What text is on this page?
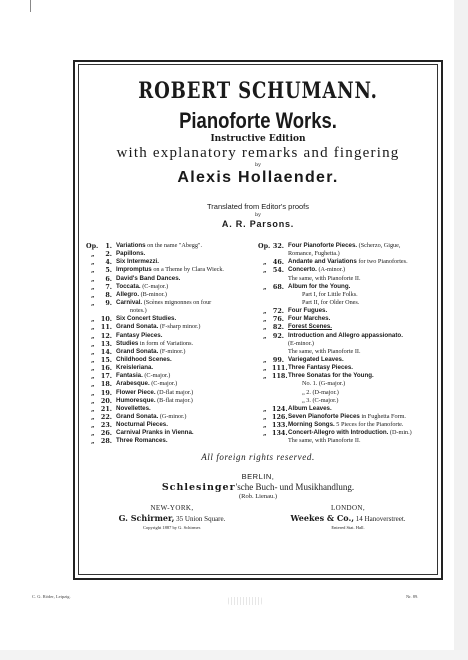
ROBERT SCHUMANN.
Pianoforte Works.
Instructive Edition
with explanatory remarks and fingering
by
Alexis Hollaender.
Translated from Editor's proofs
by
A. R. Parsons.
Op.	1. Variations on the name "Abegg".
„	2. Papillons.
„	4. Six Intermezzi.
„	5. Impromptus on a Theme by Clara Wieck.
„	6. David's Band Dances.
„	7. Toccata. (C-major.)
„	8. Allegro. (B-minor.)
„	9. Carnival. (Scènes mignonnes on four
notes.)
„ 10. Six Concert Studies.
„ 11. Grand Sonata. (F-sharp minor.)
„ 12. Fantasy Pieces.
„ 13. Studies in form of Variations.
„ 14. Grand Sonata. (F-minor.)
„ 15. Childhood Scenes.
„ 16. Kreisleriana.
„ 17. Fantasia. (C-major.)
„ 18. Arabesque. (C-major.)
„ 19. Flower Piece. (D-flat major.)
„ 20. Humoresque. (B-flat major.)
„ 21. Novellettes.
„ 22. Grand Sonata. (G-minor.)
„ 23. Nocturnal Pieces.
„ 26. Carnival Pranks in Vienna.
„ 28. Three Romances.
Op. 32. Four Pianoforte Pieces. (Scherzo, Gigue,
Romance, Fughetta.)
„ 46. Andante and Variations for two Pianofortes.
„ 54. Concerto. (A-minor.)
The same, with Pianoforte II.
„ 68. Album for the Young.
Part I, for Little Folks.
Part II, for Older Ones.
„ 72. Four Fugues.
„ 76. Four Marches.
„ 82. Forest Scenes.
„ 92. Introduction and Allegro appassionato.
(E-minor.)
The same, with Pianoforte II.
„ 99. Variegated Leaves.
„ 111. Three Fantasy Pieces.
„ 118. Three Sonatas for the Young.
No. 1. (G-major.)
„ 2. (D-major.)
„ 3. (C-major.)
„ 124. Album Leaves.
„ 126. Seven Pianoforte Pieces in Fughetta Form.
„ 133. Morning Songs. 5 Pieces for the Pianoforte.
„ 134. Concert-Allegro with Introduction. (D-min.)
The same, with Pianoforte II.
All foreign rights reserved.
BERLIN,
Schlesinger'sche Buch- und Musikhandlung.
(Rob. Lienau.)
NEW-YORK,
G. Schirmer, 35 Union Square.
Copyright 1887 by G. Schirmer.
LONDON,
Weekes & Co., 14 Hanoverstreet.
Entered Stat. Hall.
C. G. Röder, Leipzig.	Nr. 89.
